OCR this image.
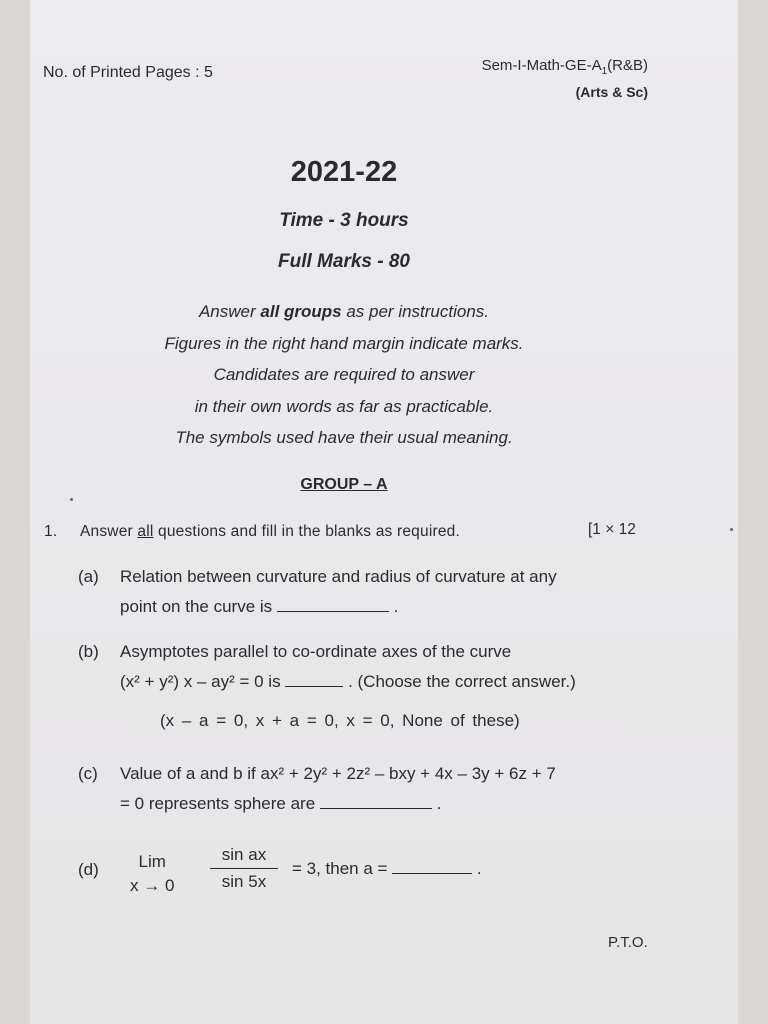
No. of Printed Pages : 5	Sem-$I-Math-GE-A_1(R\&B)$
(Arts & Sc)
2021-22
Time - 3 hours
Full Marks - 80
Answer all groups as per instructions.
Figures in the right hand margin indicate marks.
Candidates are required to answer
in their own words as far as practicable.
The symbols used have their usual meaning.
GROUP – A
1. Answer all questions and fill in the blanks as required.	[1 × 12
(a) Relation between curvature and radius of curvature at any
point on the curve is	.
(b) Asymptotes parallel to co-ordinate axes of the curve
(x² + y²) x – ay² = 0 is	. (Choose the correct answer.)
(x – a = 0, x + a = 0, x = 0, None of these)
(c) Value of a and b if ax² + 2y² + 2z² – bxy + 4x – 3y + 6z + 7
= 0 represents sphere are	.
(d)	Lim
$x \to 0 \frac{\text{sin ax}}{\sin 5x} = 3$, then a =	.
P.T.O.
